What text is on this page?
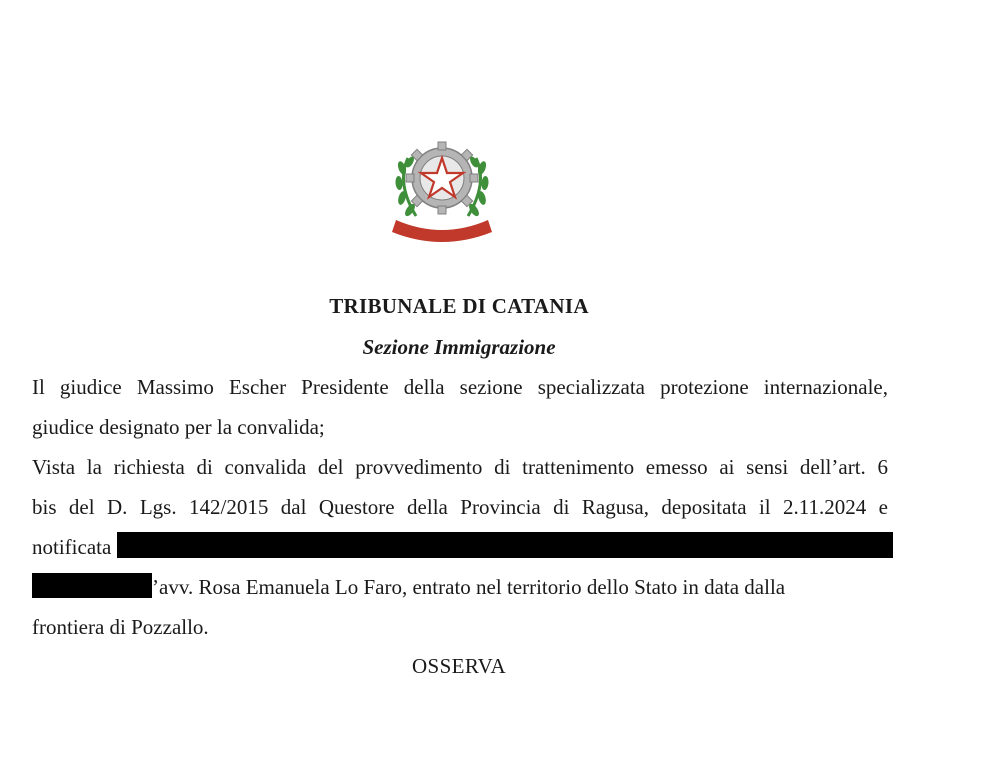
TRIBUNALE DI CATANIA
Sezione Immigrazione
Il giudice Massimo Escher Presidente della sezione specializzata protezione internazionale,
giudice designato per la convalida;
Vista la richiesta di convalida del provvedimento di trattenimento emesso ai sensi dell’art. 6
bis del D. Lgs. 142/2015 dal Questore della Provincia di Ragusa, depositata il 2.11.2024 e
notificata
’avv. Rosa Emanuela Lo Faro, entrato nel territorio dello Stato in data dalla
frontiera di Pozzallo.
OSSERVA
